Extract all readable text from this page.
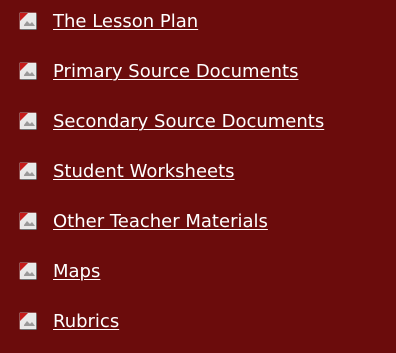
The Lesson Plan
Primary Source Documents
Secondary Source Documents
Student Worksheets
Other Teacher Materials
Maps
Rubrics
